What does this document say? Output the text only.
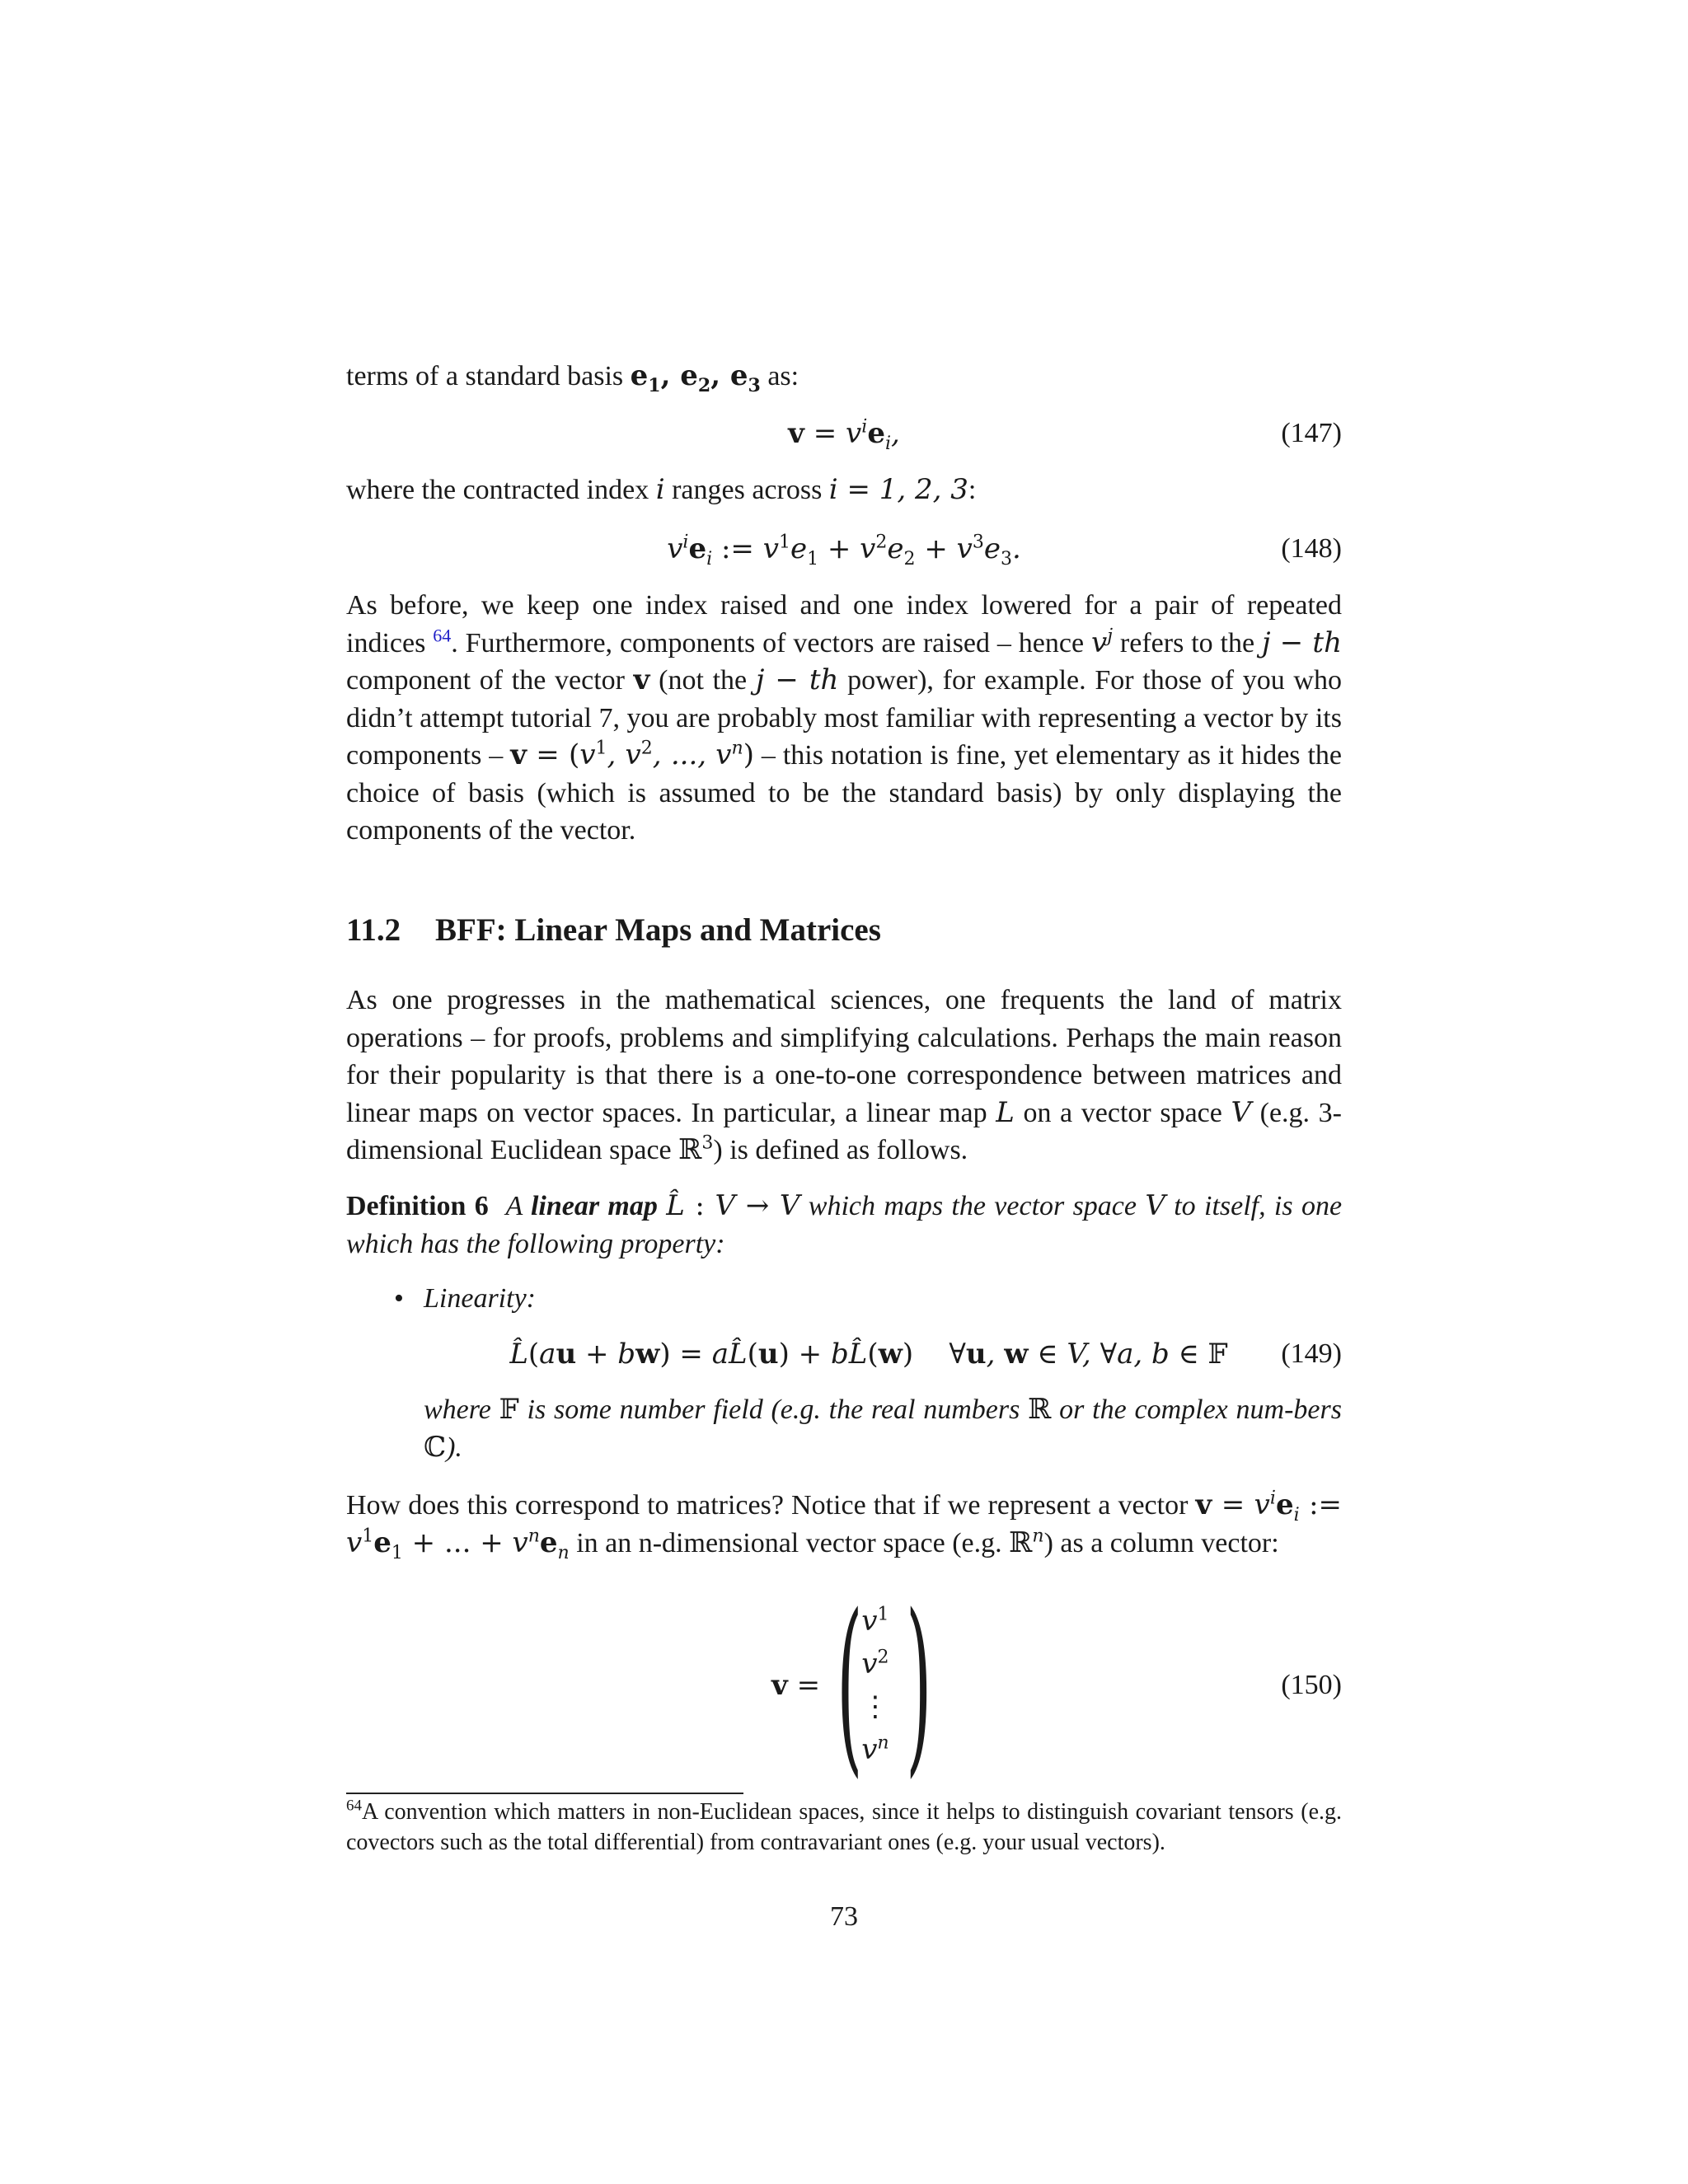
terms of a standard basis $e_1$, $e_2$, $e_3$ as:

$v = v^ie_i$,	(147)

where the contracted index i ranges across i = 1, 2, 3:

$v^ie_i$ := $v^1e_1 + v^2e_2 + v^3e_3$.	(148)

As before, we keep one index raised and one index lowered for a pair of repeated indices $^{64}$. Furthermore, components of vectors are raised – hence $v^j$ refers to the j − th component of the vector v (not the j − th power), for example. For those of you who didn’t attempt tutorial 7, you are probably most familiar with representing a vector by its components – $v = (v^1$, $v^2$, ..., $v^n$) – this notation is fine, yet elementary as it hides the choice of basis (which is assumed to be the standard basis) by only displaying the components of the vector.

11.2 BFF: Linear Maps and Matrices

As one progresses in the mathematical sciences, one frequents the land of matrix operations – for proofs, problems and simplifying calculations. Perhaps the main reason for their popularity is that there is a one-to-one correspondence between matrices and linear maps on vector spaces. In particular, a linear map L on a vector space V (e.g. 3-dimensional Euclidean space ℝ$^3$) is defined as follows.

Definition 6 A linear map L̂ : V → V which maps the vector space V to itself, is one which has the following property:

• Linearity:
L̂(au + bw) = aL̂(u) + bL̂(w) ∀u, w ∈ V, ∀a, b ∈ 𝔽	(149)
where 𝔽 is some number field (e.g. the real numbers ℝ or the complex num-bers ℂ).

How does this correspond to matrices? Notice that if we represent a vector $v = v^ie_i$ := $v^1e_1$ + ... + $v^ne_n$ in an n-dimensional vector space (e.g. ℝ$^n$) as a column vector:

v
=
(
$v^1$
$v^2$
⋮
$v^n$ )	(150)
$^{64}$A convention which matters in non-Euclidean spaces, since it helps to distinguish covariant tensors (e.g. covectors such as the total differential) from contravariant ones (e.g. your usual vectors).
73
